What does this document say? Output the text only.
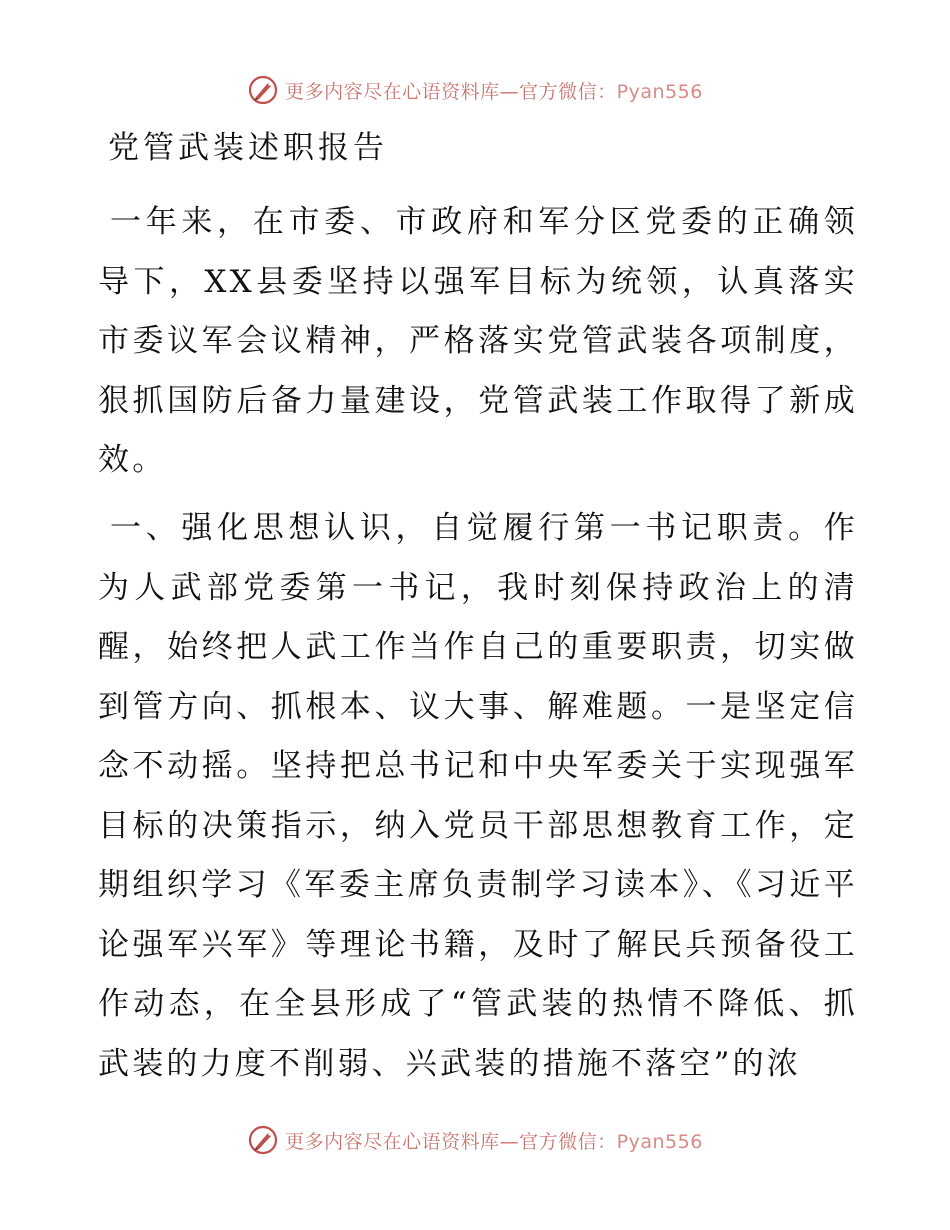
更多内容尽在心语资料库—官方微信：Pyan556
党管武装述职报告

一年来，在市委、市政府和军分区党委的正确领导下，XX县委坚持以强军目标为统领，认真落实市委议军会议精神，严格落实党管武装各项制度，狠抓国防后备力量建设，党管武装工作取得了新成效。

一、强化思想认识，自觉履行第一书记职责。作为人武部党委第一书记，我时刻保持政治上的清醒，始终把人武工作当作自己的重要职责，切实做到管方向、抓根本、议大事、解难题。一是坚定信念不动摇。坚持把总书记和中央军委关于实现强军目标的决策指示，纳入党员干部思想教育工作，定期组织学习《军委主席负责制学习读本》、《习近平论强军兴军》等理论书籍，及时了解民兵预备役工作动态，在全县形成了“管武装的热情不降低、抓武装的力度不削弱、兴武装的措施不落空”的浓

更多内容尽在心语资料库—官方微信：Pyan556
